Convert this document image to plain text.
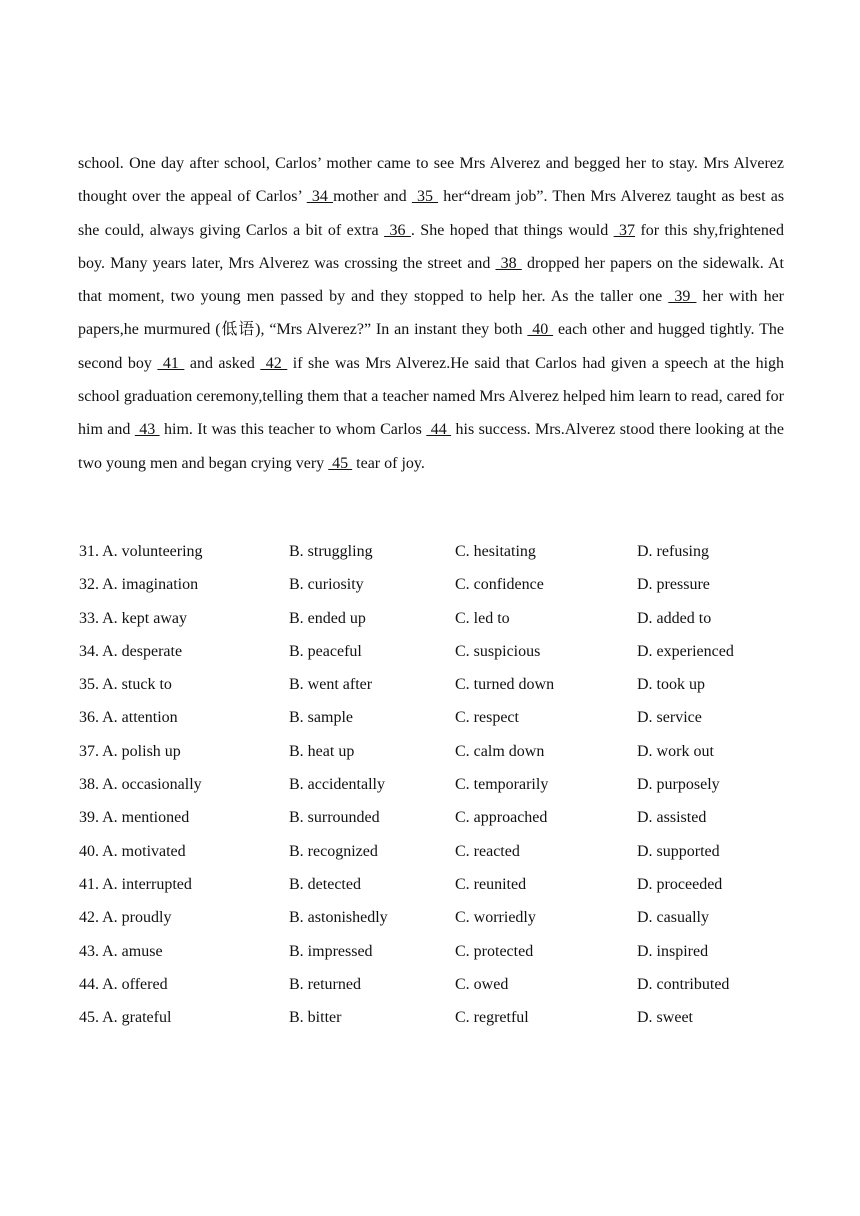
school. One day after school, Carlos’ mother came to see Mrs Alverez and begged her to stay. Mrs Alverez thought over the appeal of Carlos’  34 mother and  35  her“dream job”. Then Mrs Alverez taught as best as she could, always giving Carlos a bit of extra  36 . She hoped that things would  37 for this shy,frightened boy. Many years later, Mrs Alverez was crossing the street and  38  dropped her papers on the sidewalk. At that moment, two young men passed by and they stopped to help her. As the taller one  39  her with her papers,he murmured (低语), “Mrs Alverez?” In an instant they both  40  each other and hugged tightly. The second boy  41  and asked  42  if she was Mrs Alverez.He said that Carlos had given a speech at the high school graduation ceremony,telling them that a teacher named Mrs Alverez helped him learn to read, cared for him and  43  him. It was this teacher to whom Carlos  44  his success. Mrs.Alverez stood there looking at the two young men and began crying very  45  tear of joy.

31. A. volunteering	B. struggling	C. hesitating	D. refusing
32. A. imagination	B. curiosity	C. confidence	D. pressure
33. A. kept away	B. ended up	C. led to	D. added to
34. A. desperate	B. peaceful	C. suspicious	D. experienced
35. A. stuck to	B. went after	C. turned down	D. took up
36. A. attention	B. sample	C. respect	D. service
37. A. polish up	B. heat up	C. calm down	D. work out
38. A. occasionally	B. accidentally	C. temporarily	D. purposely
39. A. mentioned	B. surrounded	C. approached	D. assisted
40. A. motivated	B. recognized	C. reacted	D. supported
41. A. interrupted	B. detected	C. reunited	D. proceeded
42. A. proudly	B. astonishedly	C. worriedly	D. casually
43. A. amuse	B. impressed	C. protected	D. inspired
44. A. offered	B. returned	C. owed	D. contributed
45. A. grateful	B. bitter	C. regretful	D. sweet
